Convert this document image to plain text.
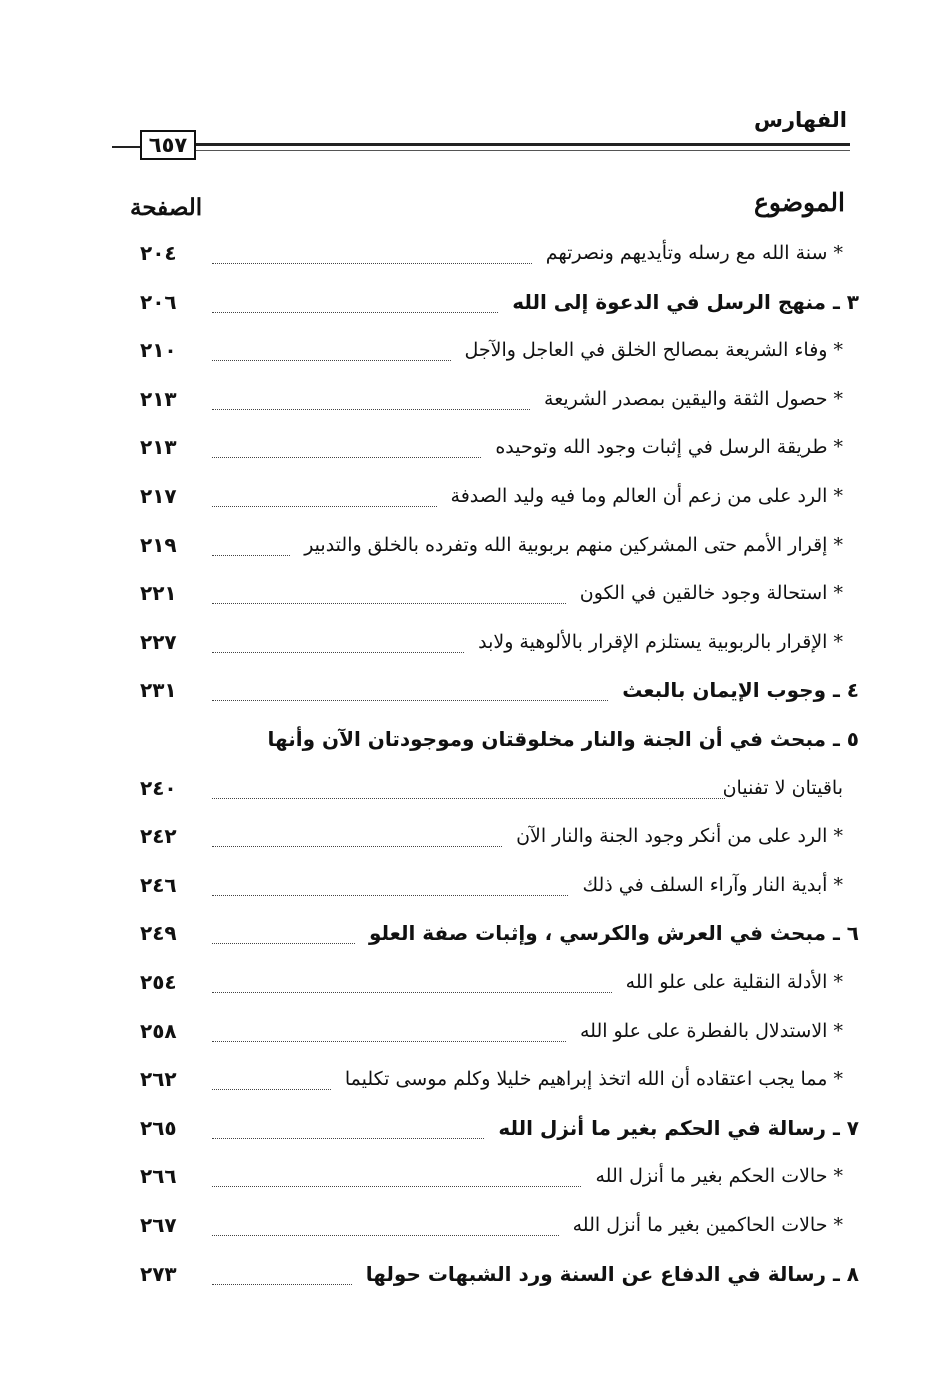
الفهارس
٦٥٧
الموضوع
الصفحة
* سنة الله مع رسله وتأيديهم ونصرتهم
٢٠٤
٣ ـ منهج الرسل في الدعوة إلى الله
٢٠٦
* وفاء الشريعة بمصالح الخلق في العاجل والآجل
٢١٠
* حصول الثقة واليقين بمصدر الشريعة
٢١٣
* طريقة الرسل في إثبات وجود الله وتوحيده
٢١٣
* الرد على من زعم أن العالم وما فيه وليد الصدفة
٢١٧
* إقرار الأمم حتى المشركين منهم بربوبية الله وتفرده بالخلق والتدبير
٢١٩
* استحالة وجود خالقين في الكون
٢٢١
* الإقرار بالربوبية يستلزم الإقرار بالألوهية ولابد
٢٢٧
٤ ـ وجوب الإيمان بالبعث
٢٣١
٥ ـ مبحث في أن الجنة والنار مخلوقتان وموجودتان الآن وأنها
باقيتان لا تفنيان
٢٤٠
* الرد على من أنكر وجود الجنة والنار الآن
٢٤٢
* أبدية النار وآراء السلف في ذلك
٢٤٦
٦ ـ مبحث في العرش والكرسي ، وإثبات صفة العلو
٢٤٩
* الأدلة النقلية على علو الله
٢٥٤
* الاستدلال بالفطرة على علو الله
٢٥٨
* مما يجب اعتقاده أن الله اتخذ إبراهيم خليلا وكلم موسى تكليما
٢٦٢
٧ ـ رسالة في الحكم بغير ما أنزل الله
٢٦٥
* حالات الحكم بغير ما أنزل الله
٢٦٦
* حالات الحاكمين بغير ما أنزل الله
٢٦٧
٨ ـ رسالة في الدفاع عن السنة ورد الشبهات حولها
٢٧٣
